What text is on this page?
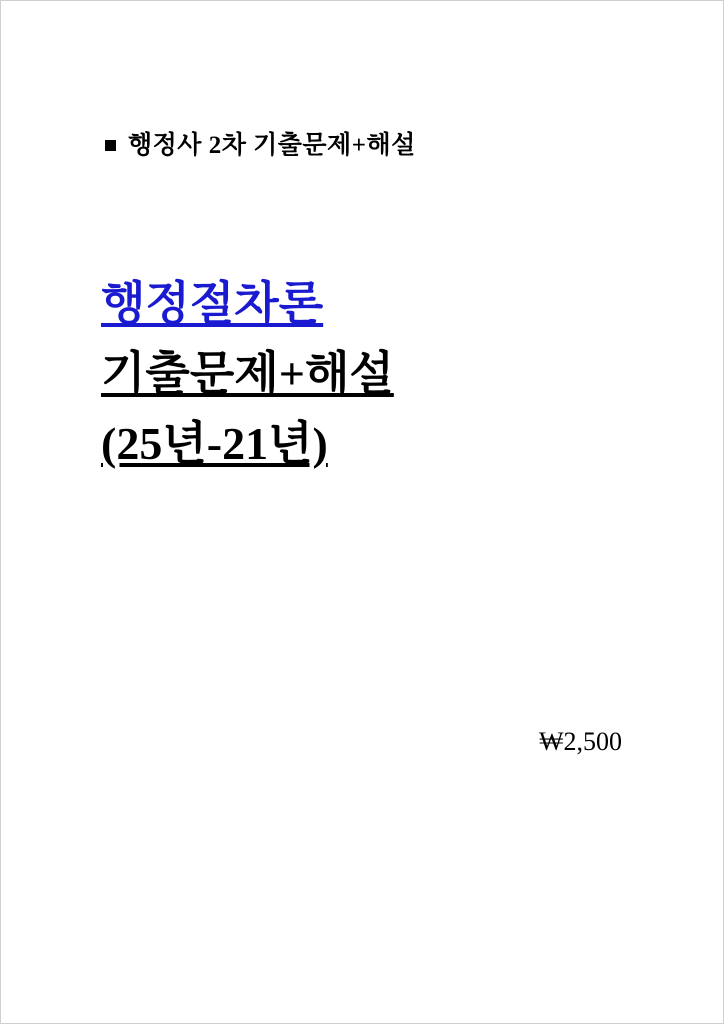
행정사 2차 기출문제+해설
행정절차론
기출문제+해설
(25년-21년)
₩2,500
